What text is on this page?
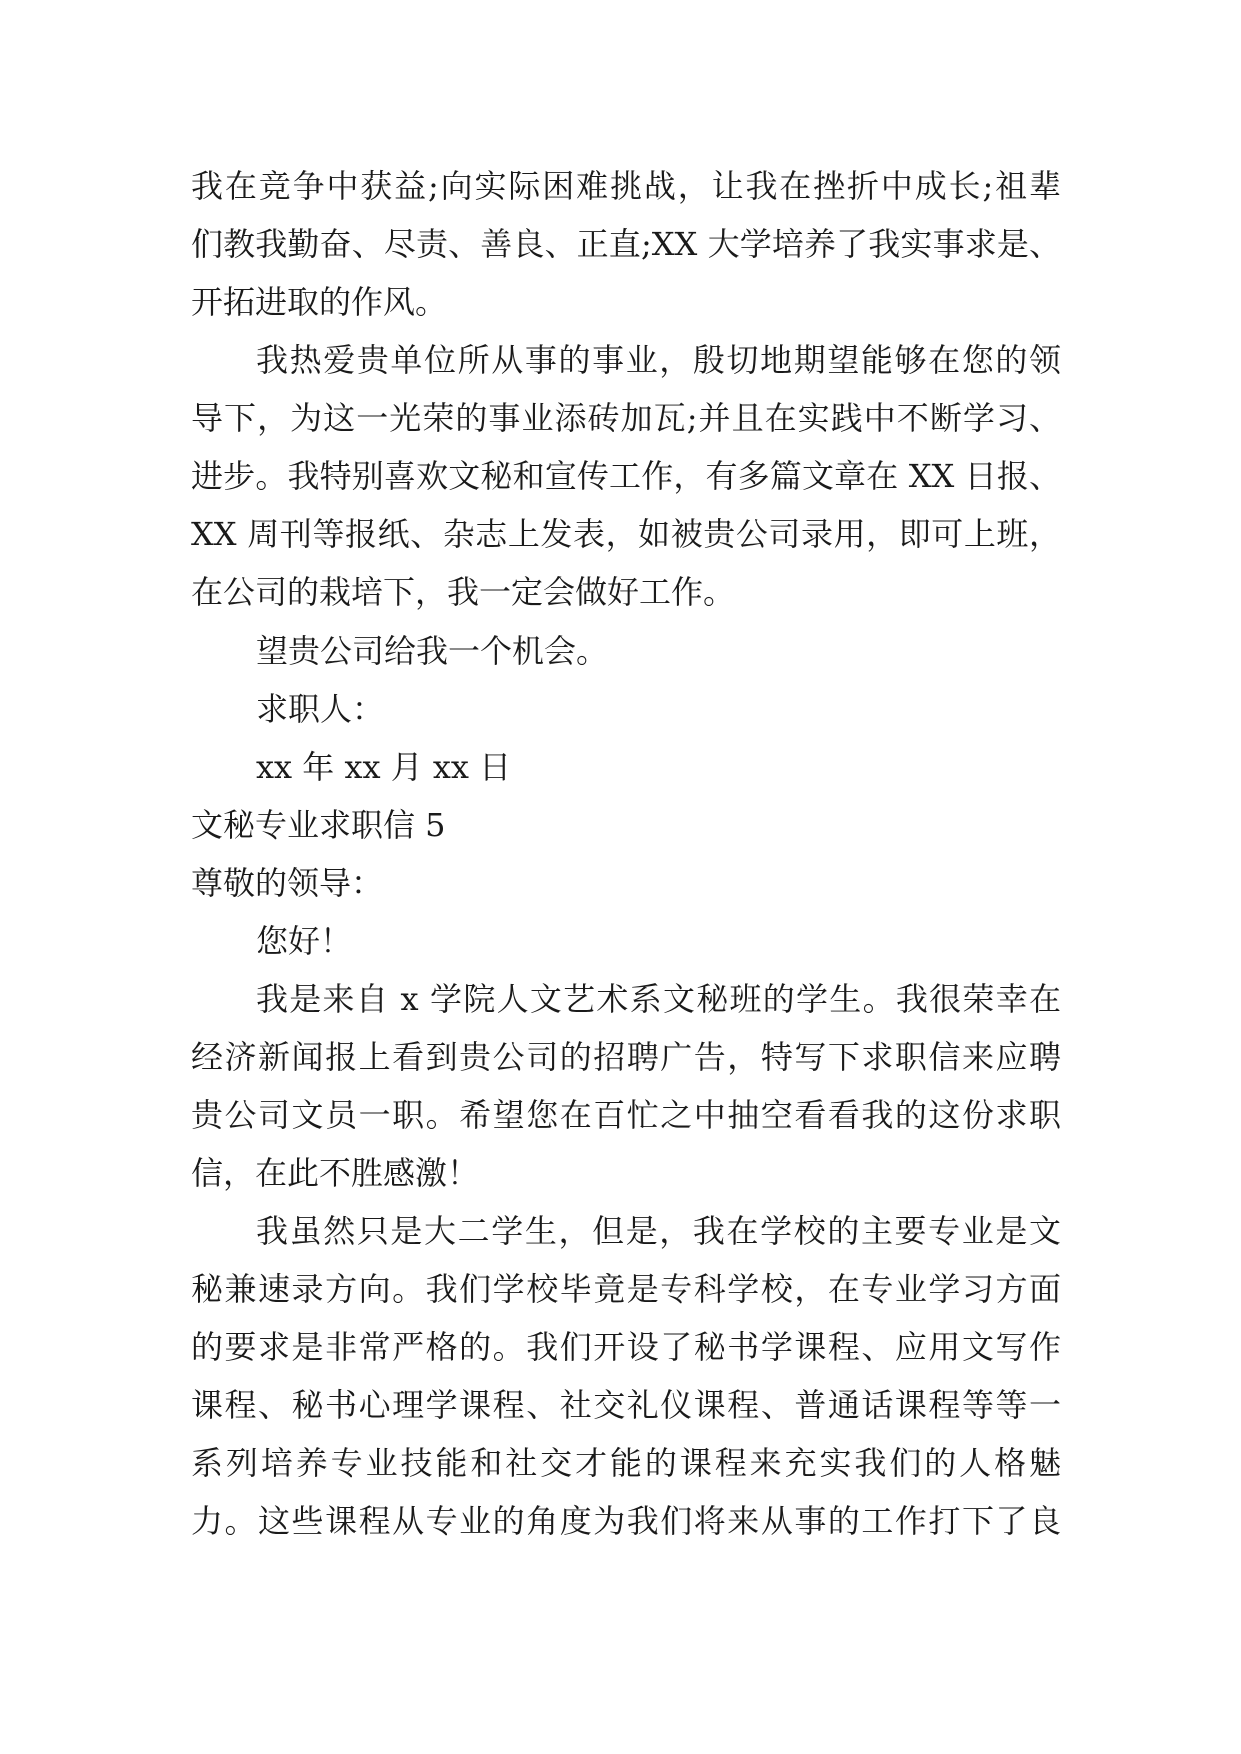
我在竞争中获益;向实际困难挑战，让我在挫折中成长;祖辈
们教我勤奋、尽责、善良、正直;XX 大学培养了我实事求是、
开拓进取的作风。
我热爱贵单位所从事的事业，殷切地期望能够在您的领
导下，为这一光荣的事业添砖加瓦;并且在实践中不断学习、
进步。我特别喜欢文秘和宣传工作，有多篇文章在 XX 日报、
XX 周刊等报纸、杂志上发表，如被贵公司录用，即可上班，
在公司的栽培下，我一定会做好工作。
望贵公司给我一个机会。
求职人：
xx 年 xx 月 xx 日
文秘专业求职信 5
尊敬的领导：
您好！
我是来自 x 学院人文艺术系文秘班的学生。我很荣幸在
经济新闻报上看到贵公司的招聘广告，特写下求职信来应聘
贵公司文员一职。希望您在百忙之中抽空看看我的这份求职
信，在此不胜感激！
我虽然只是大二学生，但是，我在学校的主要专业是文
秘兼速录方向。我们学校毕竟是专科学校，在专业学习方面
的要求是非常严格的。我们开设了秘书学课程、应用文写作
课程、秘书心理学课程、社交礼仪课程、普通话课程等等一
系列培养专业技能和社交才能的课程来充实我们的人格魅
力。这些课程从专业的角度为我们将来从事的工作打下了良
